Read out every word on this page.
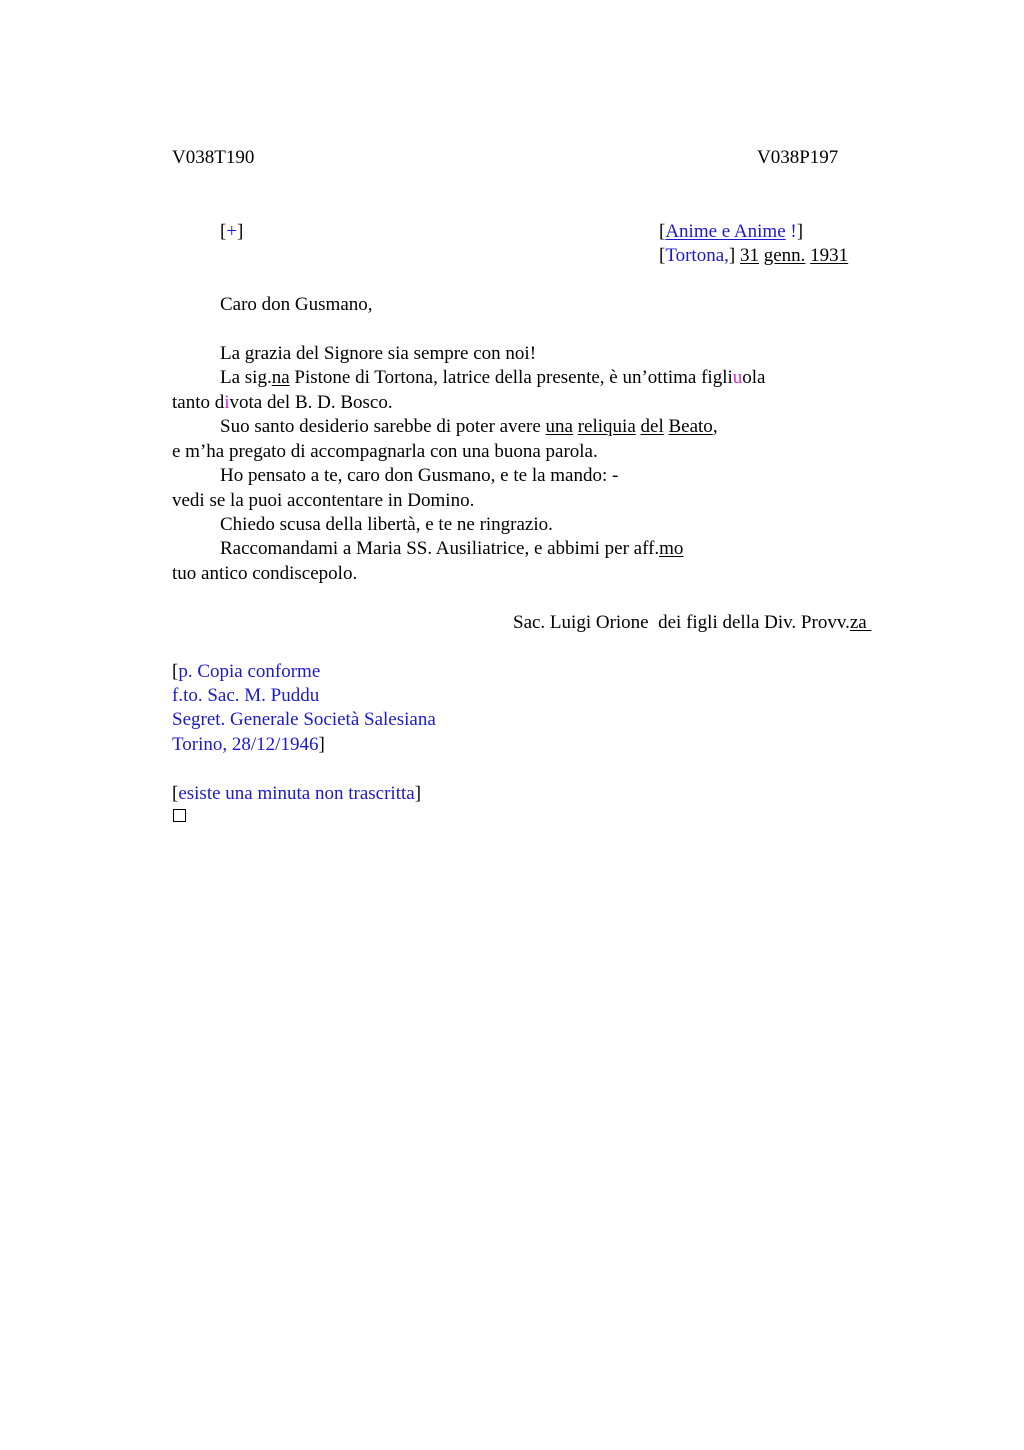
V038T190	V038P197
[+]	[Anime e Anime !]
[Tortona,] 31 genn. 1931
Caro don Gusmano,
La grazia del Signore sia sempre con noi!
La sig.na Pistone di Tortona, latrice della presente, è un’ottima figliuola
tanto divota del B. D. Bosco.
Suo santo desiderio sarebbe di poter avere una reliquia del Beato,
e m’ha pregato di accompagnarla con una buona parola.
Ho pensato a te, caro don Gusmano, e te la mando: -
vedi se la puoi accontentare in Domino.
Chiedo scusa della libertà, e te ne ringrazio.
Raccomandami a Maria SS. Ausiliatrice, e abbimi per aff.mo
tuo antico condiscepolo.
Sac. Luigi Orione  dei figli della Div. Provv.za
[p. Copia conforme
f.to. Sac. M. Puddu
Segret. Generale Società Salesiana
Torino, 28/12/1946]
[esiste una minuta non trascritta]
